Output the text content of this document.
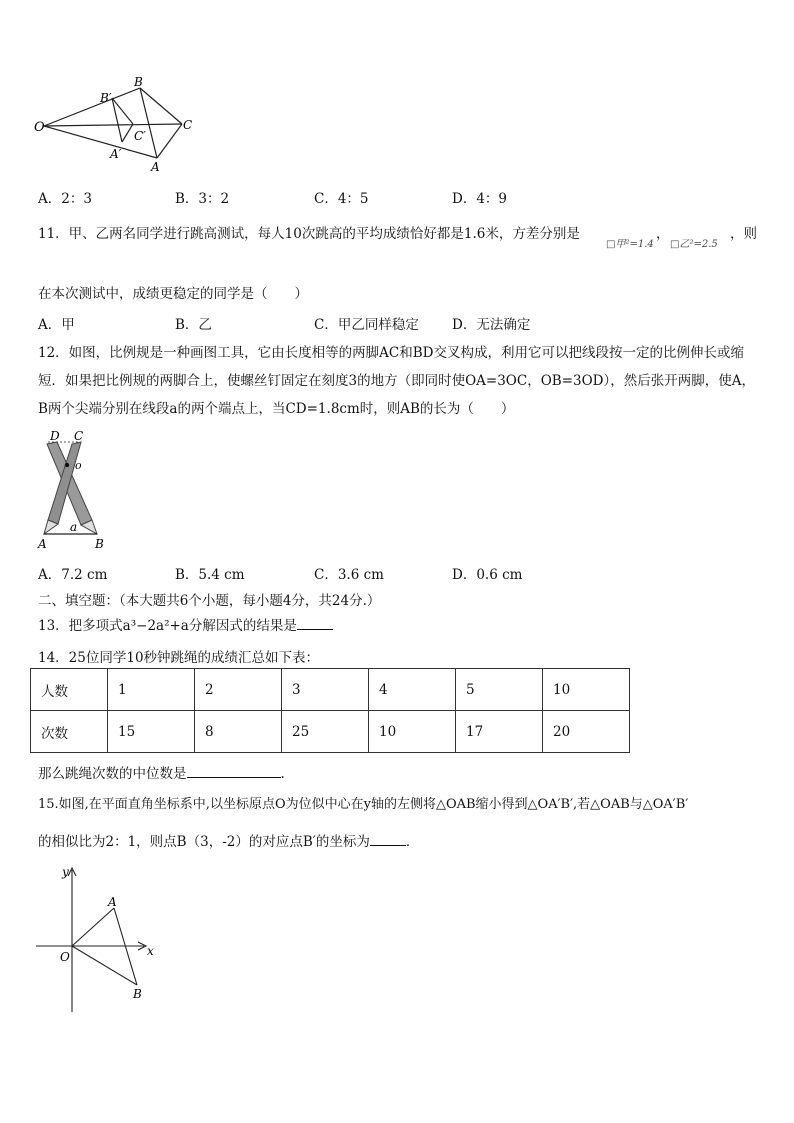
O
B
B′
C
C′
A′
A
A．2：3	B．3：2	C．4：5	D．4：9
11．甲、乙两名同学进行跳高测试，每人10次跳高的平均成绩恰好都是1.6米，方差分别是
□甲²=1.4 □乙²=2.5
，	，则
在本次测试中，成绩更稳定的同学是（　　）
A．甲	B．乙	C．甲乙同样稳定 D．无法确定
12．如图，比例规是一种画图工具，它由长度相等的两脚AC和BD交叉构成，利用它可以把线段按一定的比例伸长或缩短．如果把比例规的两脚合上，使螺丝钉固定在刻度3的地方（即同时使OA=3OC，OB=3OD），然后张开两脚，使A，B两个尖端分别在线段a的两个端点上，当CD=1.8cm时，则AB的长为（　　）
D C
o
a
A	B
A．7.2 cm	B．5.4 cm	C．3.6 cm	D．0.6 cm
二、填空题：（本大题共6个小题，每小题4分，共24分.）
13．把多项式a³−2a²+a分解因式的结果是
14．25位同学10秒钟跳绳的成绩汇总如下表：
人数	1	2	3	4	5	10
次数	15	8	25	10	17	20
那么跳绳次数的中位数是	.
15.如图,在平面直角坐标系中,以坐标原点O为位似中心在y轴的左侧将△OAB缩小得到△OA′B′,若△OAB与△OA′B′
的相似比为2：1，则点B（3，-2）的对应点B′的坐标为	．
y
x
O
A
B
